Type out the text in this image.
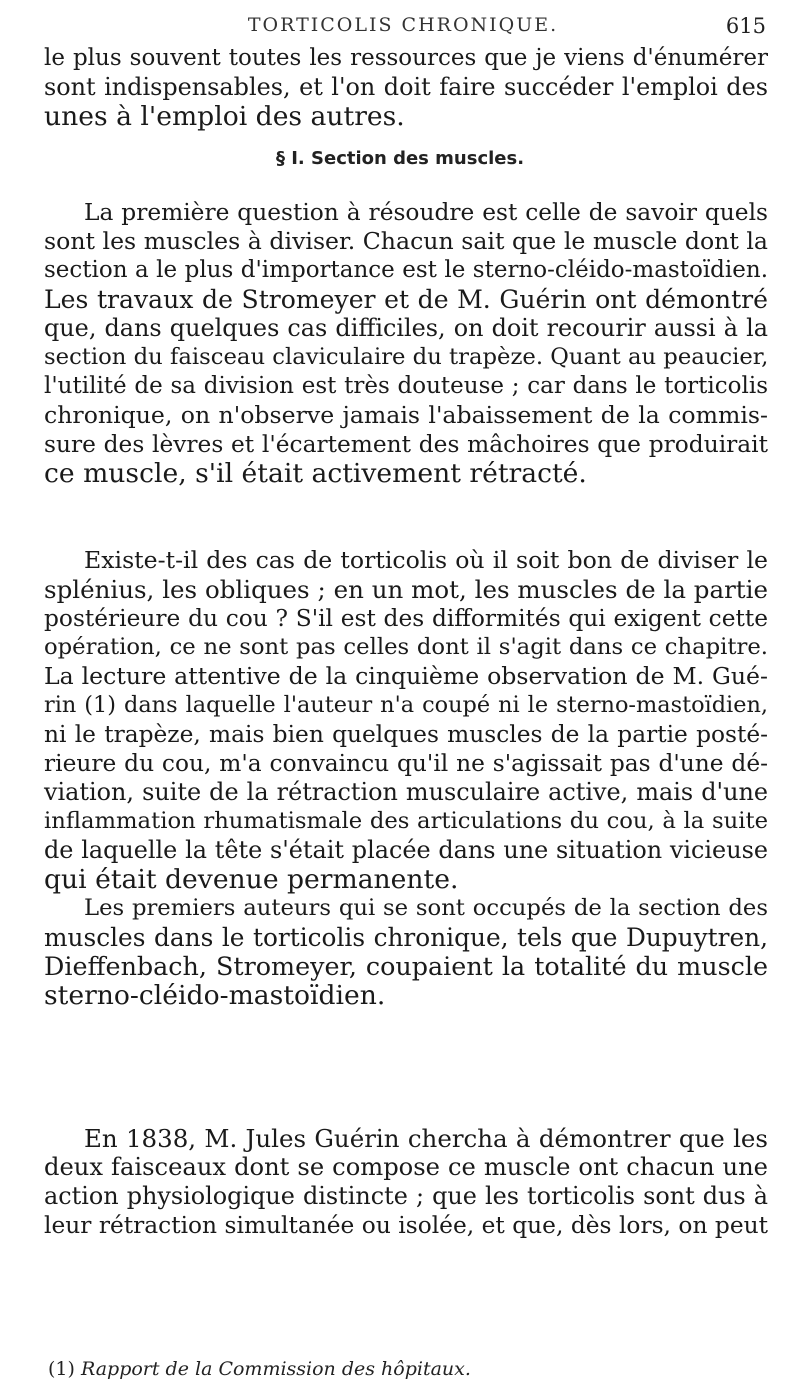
TORTICOLIS CHRONIQUE.	615
le plus souvent toutes les ressources que je viens d'énumérer
sont indispensables, et l'on doit faire succéder l'emploi des
unes à l'emploi des autres.
§ I. Section des muscles.
La première question à résoudre est celle de savoir quels
sont les muscles à diviser. Chacun sait que le muscle dont la
section a le plus d'importance est le sterno-cléido-mastoïdien.
Les travaux de Stromeyer et de M. Guérin ont démontré
que, dans quelques cas difficiles, on doit recourir aussi à la
section du faisceau claviculaire du trapèze. Quant au peaucier,
l'utilité de sa division est très douteuse ; car dans le torticolis
chronique, on n'observe jamais l'abaissement de la commis-
sure des lèvres et l'écartement des mâchoires que produirait
ce muscle, s'il était activement rétracté.
Existe-t-il des cas de torticolis où il soit bon de diviser le
splénius, les obliques ; en un mot, les muscles de la partie
postérieure du cou ? S'il est des difformités qui exigent cette
opération, ce ne sont pas celles dont il s'agit dans ce chapitre.
La lecture attentive de la cinquième observation de M. Gué-
rin (1) dans laquelle l'auteur n'a coupé ni le sterno-mastoïdien,
ni le trapèze, mais bien quelques muscles de la partie posté-
rieure du cou, m'a convaincu qu'il ne s'agissait pas d'une dé-
viation, suite de la rétraction musculaire active, mais d'une
inflammation rhumatismale des articulations du cou, à la suite
de laquelle la tête s'était placée dans une situation vicieuse
qui était devenue permanente.
Les premiers auteurs qui se sont occupés de la section des
muscles dans le torticolis chronique, tels que Dupuytren,
Dieffenbach, Stromeyer, coupaient la totalité du muscle
sterno-cléido-mastoïdien.
En 1838, M. Jules Guérin chercha à démontrer que les
deux faisceaux dont se compose ce muscle ont chacun une
action physiologique distincte ; que les torticolis sont dus à
leur rétraction simultanée ou isolée, et que, dès lors, on peut
(1) Rapport de la Commission des hôpitaux.
